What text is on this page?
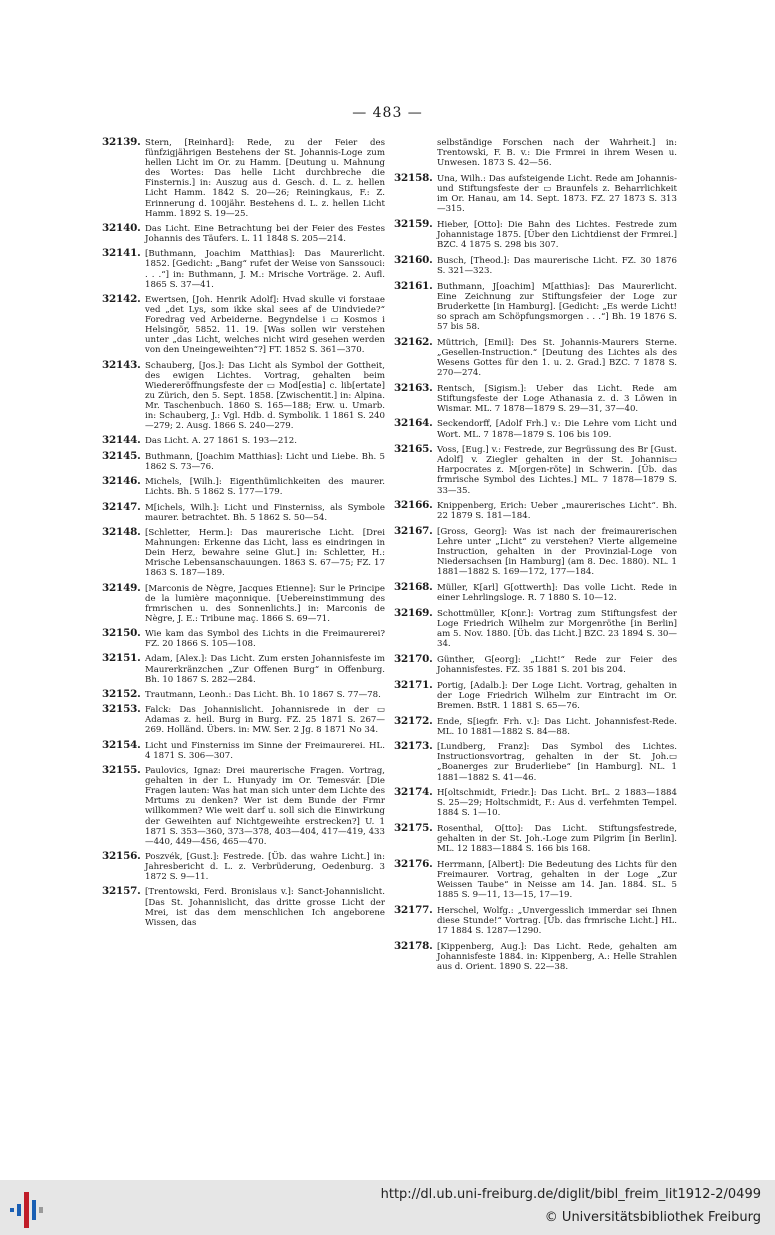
— 483 —
32139. Stern, [Reinhard]: Rede, zu der Feier des fünfzigjährigen Bestehens der St. Johannis-Loge zum hellen Licht im Or. zu Hamm. [Deutung u. Mahnung des Wortes: Das helle Licht durchbreche die Finsternis.] in: Auszug aus d. Gesch. d. L. z. hellen Licht Hamm. 1842 S. 20—26; Reiningkaus, F.: Z. Erinnerung d. 100jähr. Bestehens d. L. z. hellen Licht Hamm. 1892 S. 19—25.
32140. Das Licht. Eine Betrachtung bei der Feier des Festes Johannis des Täufers. L. 11 1848 S. 205—214.
32141. [Buthmann, Joachim Matthias]: Das Maurerlicht. 1852. [Gedicht: „Bang“ rufet der Weise von Sanssouci: . . .“] in: Buthmann, J. M.: Mrische Vorträge. 2. Aufl. 1865 S. 37—41.
32142. Ewertsen, [Joh. Henrik Adolf]: Hvad skulle vi forstaae ved „det Lys, som ikke skal sees af de Uindviede?“ Foredrag ved Arbeiderne. Begyndelse i ▭ Kosmos i Helsingör, 5852. 11. 19. [Was sollen wir verstehen unter „das Licht, welches nicht wird gesehen werden von den Uneingeweihten“?] FT. 1852 S. 361—370.
32143. Schauberg, [Jos.]: Das Licht als Symbol der Gottheit, des ewigen Lichtes. Vortrag, gehalten beim Wiedereröffnungsfeste der ▭ Mod[estia] c. lib[ertate] zu Zürich, den 5. Sept. 1858. [Zwischentit.] in: Alpina. Mr. Taschenbuch. 1860 S. 165—188; Erw. u. Umarb. in: Schauberg, J.: Vgl. Hdb. d. Symbolik. 1 1861 S. 240—279; 2. Ausg. 1866 S. 240—279.
32144. Das Licht. A. 27 1861 S. 193—212.
32145. Buthmann, [Joachim Matthias]: Licht und Liebe. Bh. 5 1862 S. 73—76.
32146. Michels, [Wilh.]: Eigenthümlichkeiten des maurer. Lichts. Bh. 5 1862 S. 177—179.
32147. M[ichels, Wilh.]: Licht und Finsterniss, als Symbole maurer. betrachtet. Bh. 5 1862 S. 50—54.
32148. [Schletter, Herm.]: Das maurerische Licht. [Drei Mahnungen: Erkenne das Licht, lass es eindringen in Dein Herz, bewahre seine Glut.] in: Schletter, H.: Mrische Lebensanschauungen. 1863 S. 67—75; FZ. 17 1863 S. 187—189.
32149. [Marconis de Nègre, Jacques Etienne]: Sur le Principe de la lumière maçonnique. [Uebereinstimmung des frmrischen u. des Sonnenlichts.] in: Marconis de Nègre, J. E.: Tribune maç. 1866 S. 69—71.
32150. Wie kam das Symbol des Lichts in die Freimaurerei? FZ. 20 1866 S. 105—108.
32151. Adam, [Alex.]: Das Licht. Zum ersten Johannisfeste im Maurerkränzchen „Zur Offenen Burg“ in Offenburg. Bh. 10 1867 S. 282—284.
32152. Trautmann, Leonh.: Das Licht. Bh. 10 1867 S. 77—78.
32153. Falck: Das Johannislicht. Johannisrede in der ▭ Adamas z. heil. Burg in Burg. FZ. 25 1871 S. 267—269. Holländ. Übers. in: MW. Ser. 2 Jg. 8 1871 No 34.
32154. Licht und Finsterniss im Sinne der Freimaurerei. HL. 4 1871 S. 306—307.
32155. Paulovics, Ignaz: Drei maurerische Fragen. Vortrag, gehalten in der L. Hunyady im Or. Temesvár. [Die Fragen lauten: Was hat man sich unter dem Lichte des Mrtums zu denken? Wer ist dem Bunde der Frmr willkommen? Wie weit darf u. soll sich die Einwirkung der Geweihten auf Nichtgeweihte erstrecken?] U. 1 1871 S. 353—360, 373—378, 403—404, 417—419, 433—440, 449—456, 465—470.
32156. Poszvék, [Gust.]: Festrede. [Üb. das wahre Licht.] in: Jahresbericht d. L. z. Verbrüderung, Oedenburg. 3 1872 S. 9—11.
32157. [Trentowski, Ferd. Bronislaus v.]: Sanct-Johannislicht. [Das St. Johannislicht, das dritte grosse Licht der Mrei, ist das dem menschlichen Ich angeborene Wissen, das
selbständige Forschen nach der Wahrheit.] in: Trentowski, F. B. v.: Die Frmrei in ihrem Wesen u. Unwesen. 1873 S. 42—56.
32158. Una, Wilh.: Das aufsteigende Licht. Rede am Johannis- und Stiftungsfeste der ▭ Braunfels z. Beharrlichkeit im Or. Hanau, am 14. Sept. 1873. FZ. 27 1873 S. 313—315.
32159. Hieber, [Otto]: Die Bahn des Lichtes. Festrede zum Johannistage 1875. [Über den Lichtdienst der Frmrei.] BZC. 4 1875 S. 298 bis 307.
32160. Busch, [Theod.]: Das maurerische Licht. FZ. 30 1876 S. 321—323.
32161. Buthmann, J[oachim] M[atthias]: Das Maurerlicht. Eine Zeichnung zur Stiftungsfeier der Loge zur Bruderkette [in Hamburg]. [Gedicht: „Es werde Licht! so sprach am Schöpfungsmorgen . . .“] Bh. 19 1876 S. 57 bis 58.
32162. Müttrich, [Emil]: Des St. Johannis-Maurers Sterne. „Gesellen-Instruction.“ [Deutung des Lichtes als des Wesens Gottes für den 1. u. 2. Grad.] BZC. 7 1878 S. 270—274.
32163. Rentsch, [Sigism.]: Ueber das Licht. Rede am Stiftungsfeste der Loge Athanasia z. d. 3 Löwen in Wismar. ML. 7 1878—1879 S. 29—31, 37—40.
32164. Seckendorff, [Adolf Frh.] v.: Die Lehre vom Licht und Wort. ML. 7 1878—1879 S. 106 bis 109.
32165. Voss, [Eug.] v.: Festrede, zur Begrüssung des Br [Gust. Adolf] v. Ziegler gehalten in der St. Johannis▭ Harpocrates z. M[orgen-röte] in Schwerin. [Üb. das frmrische Symbol des Lichtes.] ML. 7 1878—1879 S. 33—35.
32166. Knippenberg, Erich: Ueber „maurerisches Licht“. Bh. 22 1879 S. 181—184.
32167. [Gross, Georg]: Was ist nach der freimaurerischen Lehre unter „Licht“ zu verstehen? Vierte allgemeine Instruction, gehalten in der Provinzial-Loge von Niedersachsen [in Hamburg] (am 8. Dec. 1880). NL. 1 1881—1882 S. 169—172, 177—184.
32168. Müller, K[arl] G[ottwerth]: Das volle Licht. Rede in einer Lehrlingsloge. R. 7 1880 S. 10—12.
32169. Schottmüller, K[onr.]: Vortrag zum Stiftungsfest der Loge Friedrich Wilhelm zur Morgenröthe [in Berlin] am 5. Nov. 1880. [Üb. das Licht.] BZC. 23 1894 S. 30—34.
32170. Günther, G[eorg]: „Licht!“ Rede zur Feier des Johannisfestes. FZ. 35 1881 S. 201 bis 204.
32171. Portig, [Adalb.]: Der Loge Licht. Vortrag, gehalten in der Loge Friedrich Wilhelm zur Eintracht im Or. Bremen. BstR. 1 1881 S. 65—76.
32172. Ende, S[iegfr. Frh. v.]: Das Licht. Johannisfest-Rede. ML. 10 1881—1882 S. 84—88.
32173. [Lundberg, Franz]: Das Symbol des Lichtes. Instructionsvortrag, gehalten in der St. Joh.▭ „Boanerges zur Bruderliebe“ [in Hamburg]. NL. 1 1881—1882 S. 41—46.
32174. H[oltschmidt, Friedr.]: Das Licht. BrL. 2 1883—1884 S. 25—29; Holtschmidt, F.: Aus d. verfehmten Tempel. 1884 S. 1—10.
32175. Rosenthal, O[tto]: Das Licht. Stiftungsfestrede, gehalten in der St. Joh.-Loge zum Pilgrim [in Berlin]. ML. 12 1883—1884 S. 166 bis 168.
32176. Herrmann, [Albert]: Die Bedeutung des Lichts für den Freimaurer. Vortrag, gehalten in der Loge „Zur Weissen Taube“ in Neisse am 14. Jan. 1884. SL. 5 1885 S. 9—11, 13—15, 17—19.
32177. Herschel, Wolfg.: „Unvergesslich immerdar sei Ihnen diese Stunde!“ Vortrag. [Üb. das frmrische Licht.] HL. 17 1884 S. 1287—1290.
32178. [Kippenberg, Aug.]: Das Licht. Rede, gehalten am Johannisfeste 1884. in: Kippenberg, A.: Helle Strahlen aus d. Orient. 1890 S. 22—38.
http://dl.ub.uni-freiburg.de/diglit/bibl_freim_lit1912-2/0499
© Universitätsbibliothek Freiburg
